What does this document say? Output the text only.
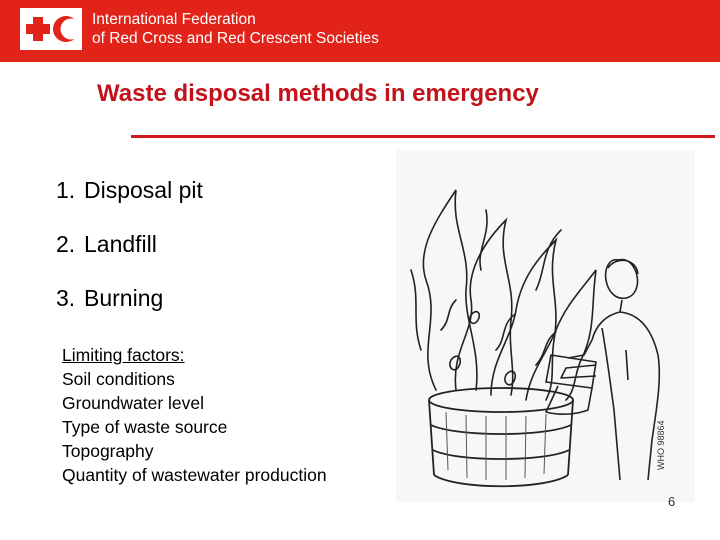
International Federation
of Red Cross and Red Crescent Societies
Waste disposal methods in emergency
1. Disposal pit
2. Landfill
3. Burning
Limiting factors:
Soil conditions
Groundwater level
Type of waste source
Topography
Quantity of wastewater production
WHO 98864
6
